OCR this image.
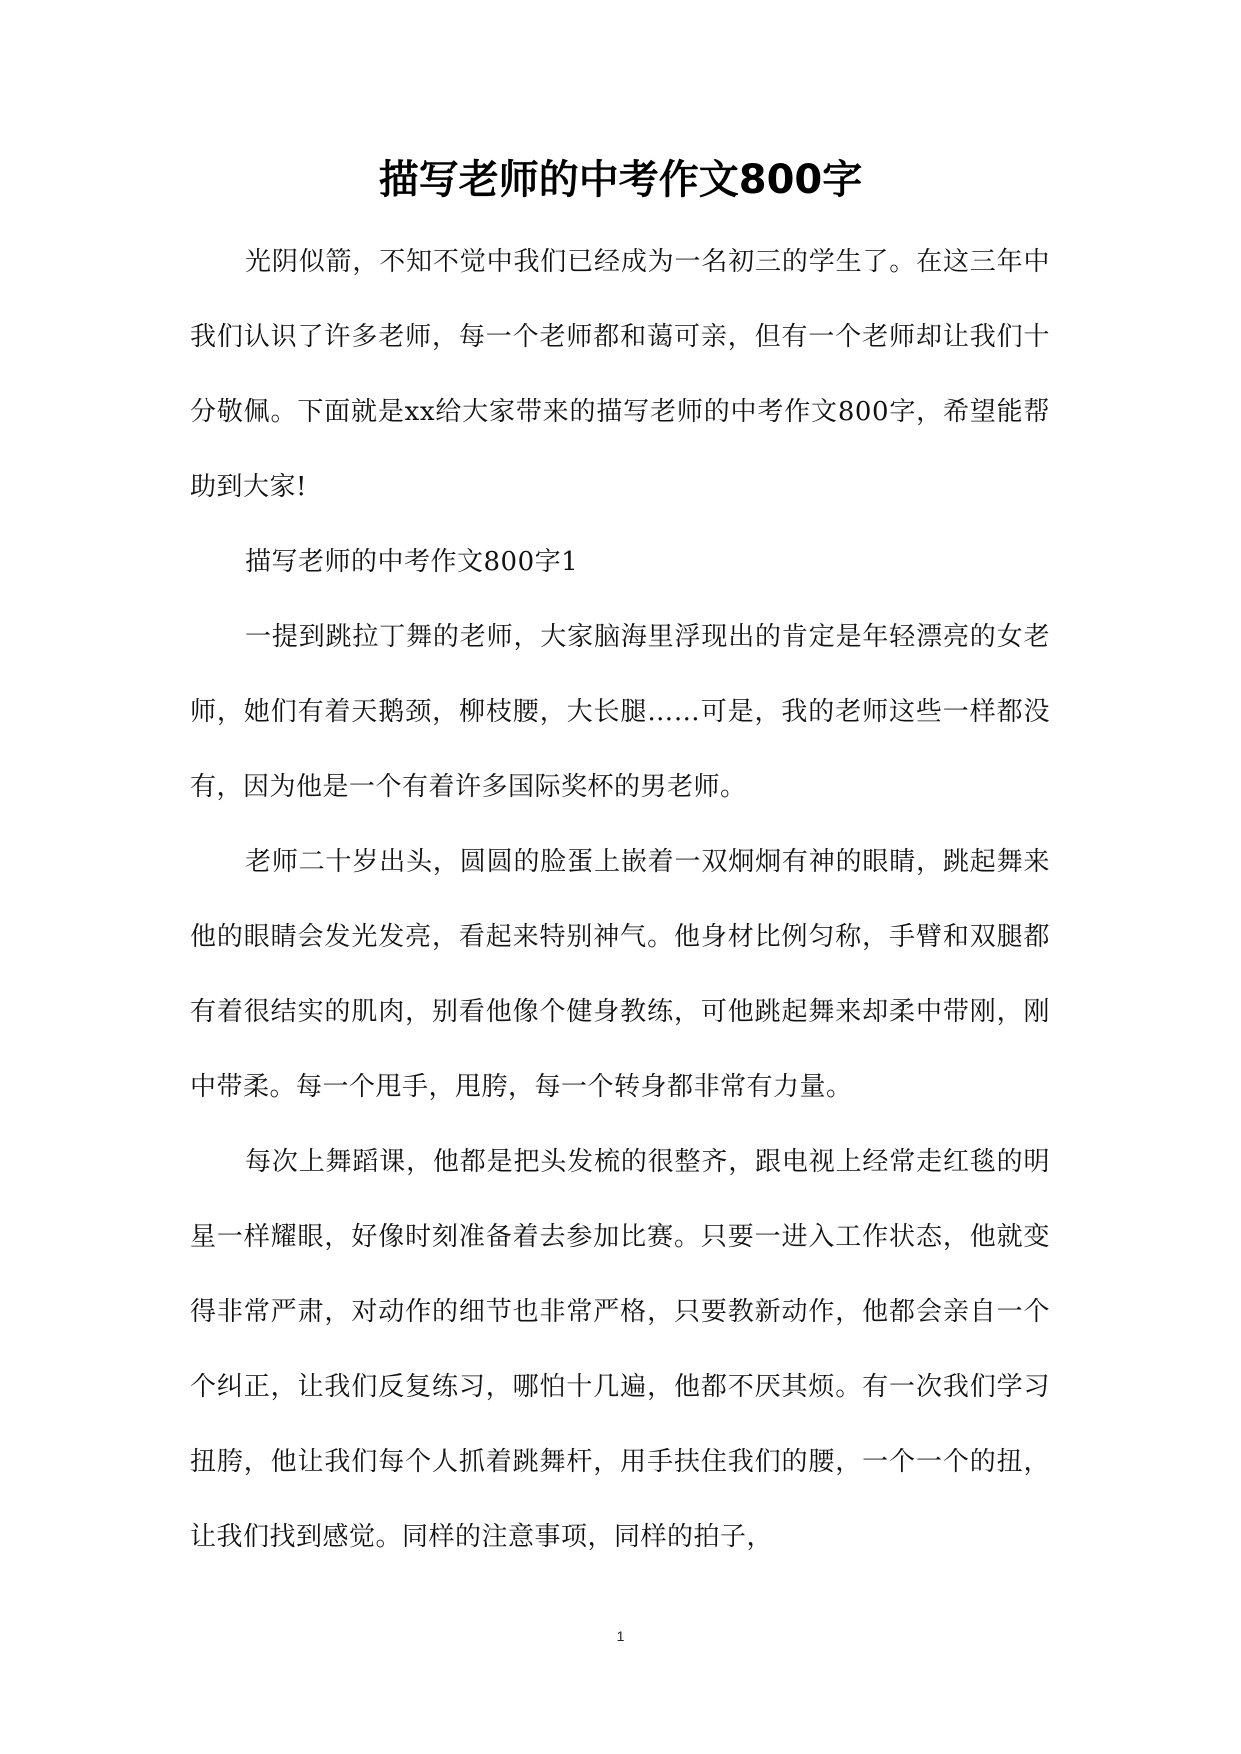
描写老师的中考作文800字

光阴似箭，不知不觉中我们已经成为一名初三的学生了。在这三年中我们认识了许多老师，每一个老师都和蔼可亲，但有一个老师却让我们十分敬佩。下面就是xx给大家带来的描写老师的中考作文800字，希望能帮助到大家!

描写老师的中考作文800字1

一提到跳拉丁舞的老师，大家脑海里浮现出的肯定是年轻漂亮的女老师，她们有着天鹅颈，柳枝腰，大长腿……可是，我的老师这些一样都没有，因为他是一个有着许多国际奖杯的男老师。

老师二十岁出头，圆圆的脸蛋上嵌着一双炯炯有神的眼睛，跳起舞来他的眼睛会发光发亮，看起来特别神气。他身材比例匀称，手臂和双腿都有着很结实的肌肉，别看他像个健身教练，可他跳起舞来却柔中带刚，刚中带柔。每一个甩手，甩胯，每一个转身都非常有力量。

每次上舞蹈课，他都是把头发梳的很整齐，跟电视上经常走红毯的明星一样耀眼，好像时刻准备着去参加比赛。只要一进入工作状态，他就变得非常严肃，对动作的细节也非常严格，只要教新动作，他都会亲自一个个纠正，让我们反复练习，哪怕十几遍，他都不厌其烦。有一次我们学习扭胯，他让我们每个人抓着跳舞杆，用手扶住我们的腰，一个一个的扭，让我们找到感觉。同样的注意事项，同样的拍子，

1
